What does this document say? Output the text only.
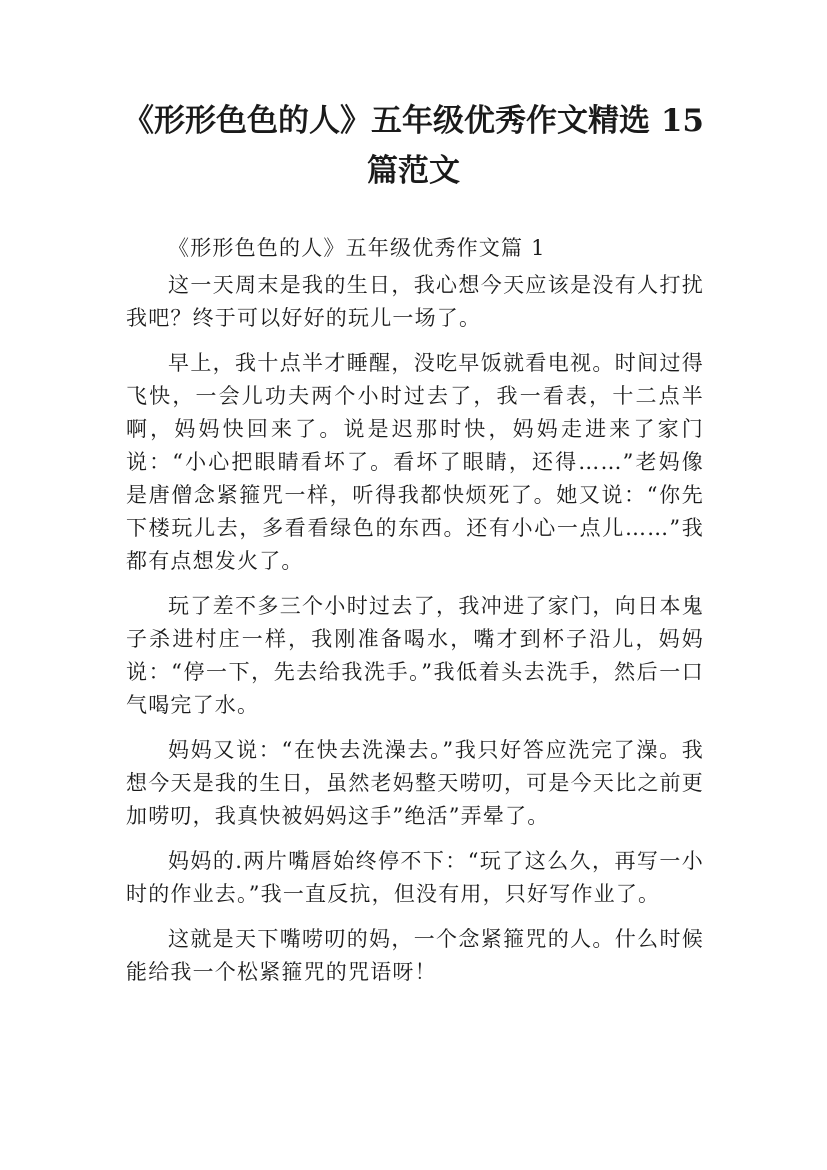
《形形色色的人》五年级优秀作文精选 15 篇范文

《形形色色的人》五年级优秀作文篇 1

这一天周末是我的生日，我心想今天应该是没有人打扰我吧？终于可以好好的玩儿一场了。

早上，我十点半才睡醒，没吃早饭就看电视。时间过得飞快，一会儿功夫两个小时过去了，我一看表，十二点半啊，妈妈快回来了。说是迟那时快，妈妈走进来了家门说：“小心把眼睛看坏了。看坏了眼睛，还得……”老妈像是唐僧念紧箍咒一样，听得我都快烦死了。她又说：“你先下楼玩儿去，多看看绿色的东西。还有小心一点儿……”我都有点想发火了。

玩了差不多三个小时过去了，我冲进了家门，向日本鬼子杀进村庄一样，我刚准备喝水，嘴才到杯子沿儿，妈妈说：“停一下，先去给我洗手。”我低着头去洗手，然后一口气喝完了水。

妈妈又说：“在快去洗澡去。”我只好答应洗完了澡。我想今天是我的生日，虽然老妈整天唠叨，可是今天比之前更加唠叨，我真快被妈妈这手”绝活”弄晕了。

妈妈的.两片嘴唇始终停不下：“玩了这么久，再写一小时的作业去。”我一直反抗，但没有用，只好写作业了。

这就是天下嘴唠叨的妈，一个念紧箍咒的人。什么时候能给我一个松紧箍咒的咒语呀！
